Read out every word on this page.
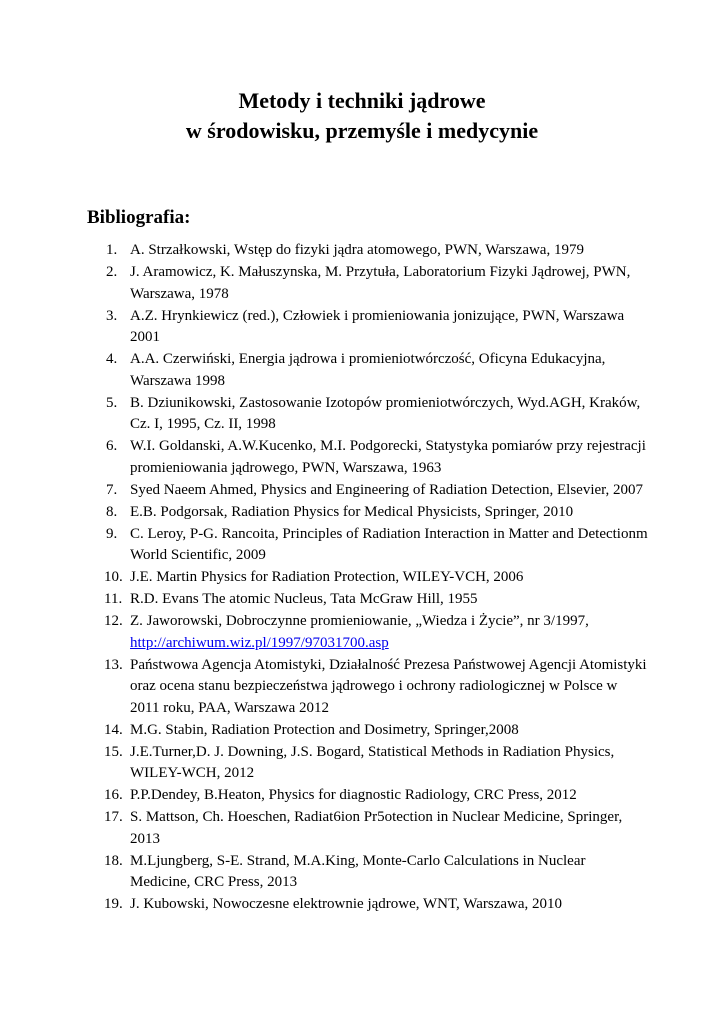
Metody i techniki jądrowe
w środowisku, przemyśle i medycynie
Bibliografia:
1. A. Strzałkowski, Wstęp do fizyki jądra atomowego, PWN, Warszawa, 1979
2. J. Aramowicz, K. Małuszynska, M. Przytuła, Laboratorium Fizyki Jądrowej, PWN, Warszawa, 1978
3. A.Z. Hrynkiewicz (red.), Człowiek i promieniowania jonizujące, PWN, Warszawa 2001
4. A.A. Czerwiński, Energia jądrowa i promieniotwórczość, Oficyna Edukacyjna, Warszawa 1998
5. B. Dziunikowski, Zastosowanie Izotopów promieniotwórczych, Wyd.AGH, Kraków, Cz. I, 1995, Cz. II, 1998
6. W.I. Goldanski, A.W.Kucenko, M.I. Podgorecki, Statystyka pomiarów przy rejestracji promieniowania jądrowego, PWN, Warszawa, 1963
7. Syed Naeem Ahmed, Physics and Engineering of Radiation Detection, Elsevier, 2007
8. E.B. Podgorsak, Radiation Physics for Medical Physicists, Springer, 2010
9. C. Leroy, P-G. Rancoita, Principles of Radiation Interaction in Matter and Detectionm World Scientific, 2009
10. J.E. Martin Physics for Radiation Protection, WILEY-VCH, 2006
11. R.D. Evans The atomic Nucleus, Tata McGraw Hill, 1955
12. Z. Jaworowski, Dobroczynne promieniowanie, „Wiedza i Życie”, nr 3/1997,
http://archiwum.wiz.pl/1997/97031700.asp
13. Państwowa Agencja Atomistyki, Działalność Prezesa Państwowej Agencji Atomistyki oraz ocena stanu bezpieczeństwa jądrowego i ochrony radiologicznej w Polsce w 2011 roku, PAA, Warszawa 2012
14. M.G. Stabin, Radiation Protection and Dosimetry, Springer,2008
15. J.E.Turner,D. J. Downing, J.S. Bogard, Statistical Methods in Radiation Physics, WILEY-WCH, 2012
16. P.P.Dendey, B.Heaton, Physics for diagnostic Radiology, CRC Press, 2012
17. S. Mattson, Ch. Hoeschen, Radiat6ion Pr5otection in Nuclear Medicine, Springer, 2013
18. M.Ljungberg, S-E. Strand, M.A.King, Monte-Carlo Calculations in Nuclear Medicine, CRC Press, 2013
19. J. Kubowski, Nowoczesne elektrownie jądrowe, WNT, Warszawa, 2010
